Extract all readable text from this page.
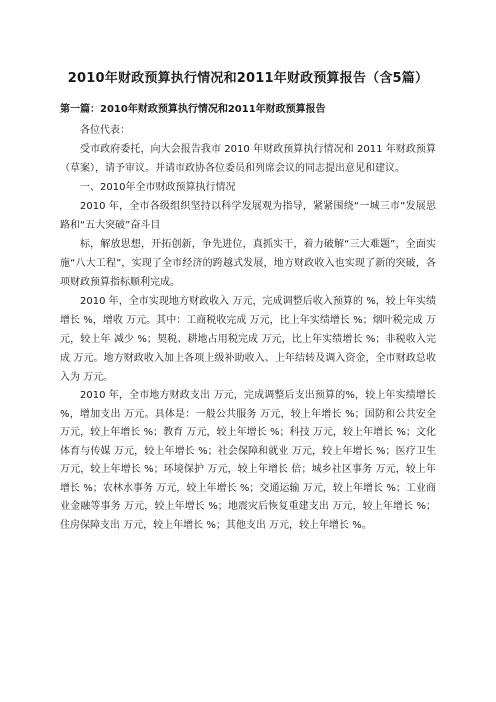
2010年财政预算执行情况和2011年财政预算报告（含5篇）
第一篇：2010年财政预算执行情况和2011年财政预算报告

各位代表：

受市政府委托，向大会报告我市 2010 年财政预算执行情况和 2011 年财政预算（草案），请予审议。并请市政协各位委员和列席会议的同志提出意见和建议。

一、2010年全市财政预算执行情况

2010 年，全市各级组织坚持以科学发展观为指导，紧紧围绕“一城三市”发展思路和“五大突破”奋斗目

标，解放思想，开拓创新，争先进位，真抓实干，着力破解“三大难题”，全面实施“八大工程”，实现了全市经济的跨越式发展，地方财政收入也实现了新的突破，各项财政预算指标顺利完成。

2010 年，全市实现地方财政收入 万元，完成调整后收入预算的 %，较上年实绩增长 %，增收 万元。其中：工商税收完成 万元，比上年实绩增长 %；烟叶税完成 万元，较上年 减少 %；契税、耕地占用税完成 万元，比上年实绩增长 %；非税收入完成 万元。地方财政收入加上各项上级补助收入、上年结转及调入资金，全市财政总收入为 万元。

2010 年，全市地方财政支出 万元，完成调整后支出预算的%，较上年实绩增长 %，增加支出 万元。具体是：一般公共服务 万元，较上年增长 %；国防和公共安全 万元，较上年增长 %；教育 万元，较上年增长 %；科技 万元，较上年增长 %；文化体育与传媒 万元，较上年增长 %；社会保障和就业 万元，较上年增长 %；医疗卫生 万元，较上年增长 %；环境保护 万元，较上年增长 倍；城乡社区事务 万元，较上年增长 %；农林水事务 万元，较上年增长 %；交通运输 万元，较上年增长 %；工业商业金融等事务 万元，较上年增长 %；地震灾后恢复重建支出 万元，较上年增长 %；住房保障支出 万元，较上年增长 %；其他支出 万元，较上年增长 %。
